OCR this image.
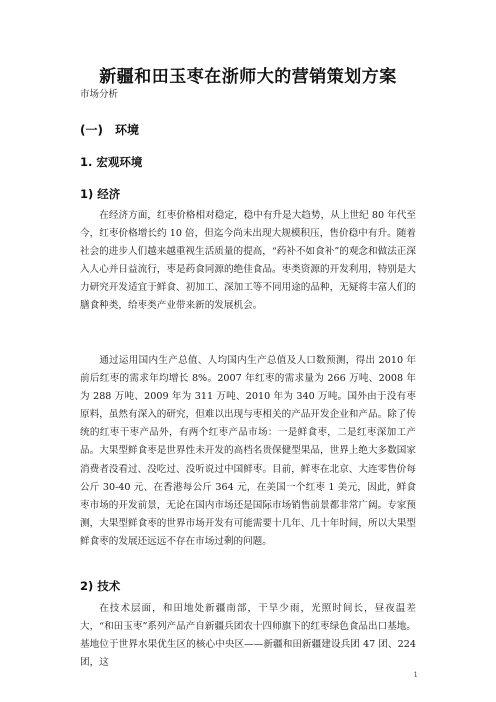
新疆和田玉枣在浙师大的营销策划方案
市场分析
(一)　环境
1. 宏观环境
1) 经济

在经济方面，红枣价格相对稳定，稳中有升是大趋势，从上世纪 80 年代至今，红枣价格增长约 10 倍，但迄今尚未出现大规模积压，售价稳中有升。随着社会的进步人们越来越重视生活质量的提高，“药补不如食补”的观念和做法正深入人心并日益流行，枣是药食同源的绝佳食品。枣类资源的开发利用，特别是大力研究开发适宜于鲜食、初加工、深加工等不同用途的品种，无疑将丰富人们的膳食种类，给枣类产业带来新的发展机会。

通过运用国内生产总值、人均国内生产总值及人口数预测，得出 2010 年前后红枣的需求年均增长 8%。2007 年红枣的需求量为 266 万吨、2008 年为 288 万吨、2009 年为 311 万吨、2010 年为 340 万吨。国外由于没有枣原料，虽然有深入的研究，但难以出现与枣相关的产品开发企业和产品。除了传统的红枣干枣产品外，有两个红枣产品市场：一是鲜食枣，二是红枣深加工产品。大果型鲜食枣是世界性未开发的高档名贵保健型果品，世界上绝大多数国家消费者没看过、没吃过、没听说过中国鲜枣。目前，鲜枣在北京、大连零售价每公斤 30-40 元、在香港每公斤 364 元，在美国一个红枣 1 美元，因此，鲜食枣市场的开发前景，无论在国内市场还是国际市场销售前景都非常广阔。专家预测，大果型鲜食枣的世界市场开发有可能需要十几年、几十年时间，所以大果型鲜食枣的发展还远远不存在市场过剩的问题。

2) 技术

在技术层面，和田地处新疆南部，干旱少雨，光照时间长，昼夜温差大，“和田玉枣”系列产品产自新疆兵团农十四师旗下的红枣绿色食品出口基地。基地位于世界水果优生区的核心中央区——新疆和田新疆建设兵团 47 团、224 团，这

1
